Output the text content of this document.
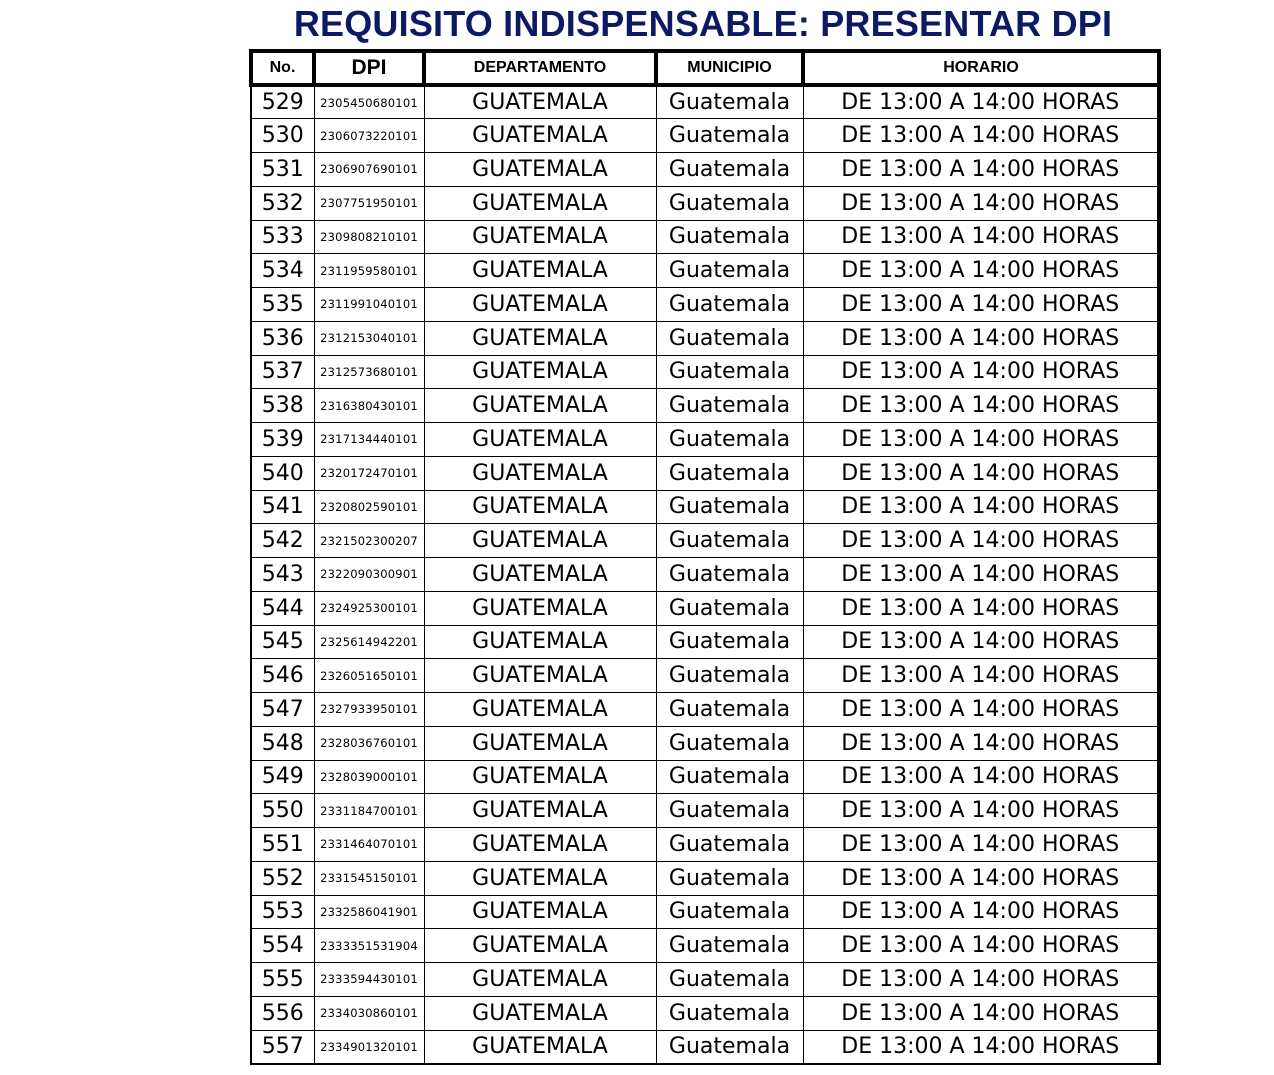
REQUISITO INDISPENSABLE: PRESENTAR DPI
No.	DPI	DEPARTAMENTO	MUNICIPIO	HORARIO
529	2305450680101	GUATEMALA	Guatemala	DE 13:00 A 14:00 HORAS
530	2306073220101	GUATEMALA	Guatemala	DE 13:00 A 14:00 HORAS
531	2306907690101	GUATEMALA	Guatemala	DE 13:00 A 14:00 HORAS
532	2307751950101	GUATEMALA	Guatemala	DE 13:00 A 14:00 HORAS
533	2309808210101	GUATEMALA	Guatemala	DE 13:00 A 14:00 HORAS
534	2311959580101	GUATEMALA	Guatemala	DE 13:00 A 14:00 HORAS
535	2311991040101	GUATEMALA	Guatemala	DE 13:00 A 14:00 HORAS
536	2312153040101	GUATEMALA	Guatemala	DE 13:00 A 14:00 HORAS
537	2312573680101	GUATEMALA	Guatemala	DE 13:00 A 14:00 HORAS
538	2316380430101	GUATEMALA	Guatemala	DE 13:00 A 14:00 HORAS
539	2317134440101	GUATEMALA	Guatemala	DE 13:00 A 14:00 HORAS
540	2320172470101	GUATEMALA	Guatemala	DE 13:00 A 14:00 HORAS
541	2320802590101	GUATEMALA	Guatemala	DE 13:00 A 14:00 HORAS
542	2321502300207	GUATEMALA	Guatemala	DE 13:00 A 14:00 HORAS
543	2322090300901	GUATEMALA	Guatemala	DE 13:00 A 14:00 HORAS
544	2324925300101	GUATEMALA	Guatemala	DE 13:00 A 14:00 HORAS
545	2325614942201	GUATEMALA	Guatemala	DE 13:00 A 14:00 HORAS
546	2326051650101	GUATEMALA	Guatemala	DE 13:00 A 14:00 HORAS
547	2327933950101	GUATEMALA	Guatemala	DE 13:00 A 14:00 HORAS
548	2328036760101	GUATEMALA	Guatemala	DE 13:00 A 14:00 HORAS
549	2328039000101	GUATEMALA	Guatemala	DE 13:00 A 14:00 HORAS
550	2331184700101	GUATEMALA	Guatemala	DE 13:00 A 14:00 HORAS
551	2331464070101	GUATEMALA	Guatemala	DE 13:00 A 14:00 HORAS
552	2331545150101	GUATEMALA	Guatemala	DE 13:00 A 14:00 HORAS
553	2332586041901	GUATEMALA	Guatemala	DE 13:00 A 14:00 HORAS
554	2333351531904	GUATEMALA	Guatemala	DE 13:00 A 14:00 HORAS
555	2333594430101	GUATEMALA	Guatemala	DE 13:00 A 14:00 HORAS
556	2334030860101	GUATEMALA	Guatemala	DE 13:00 A 14:00 HORAS
557	2334901320101	GUATEMALA	Guatemala	DE 13:00 A 14:00 HORAS
